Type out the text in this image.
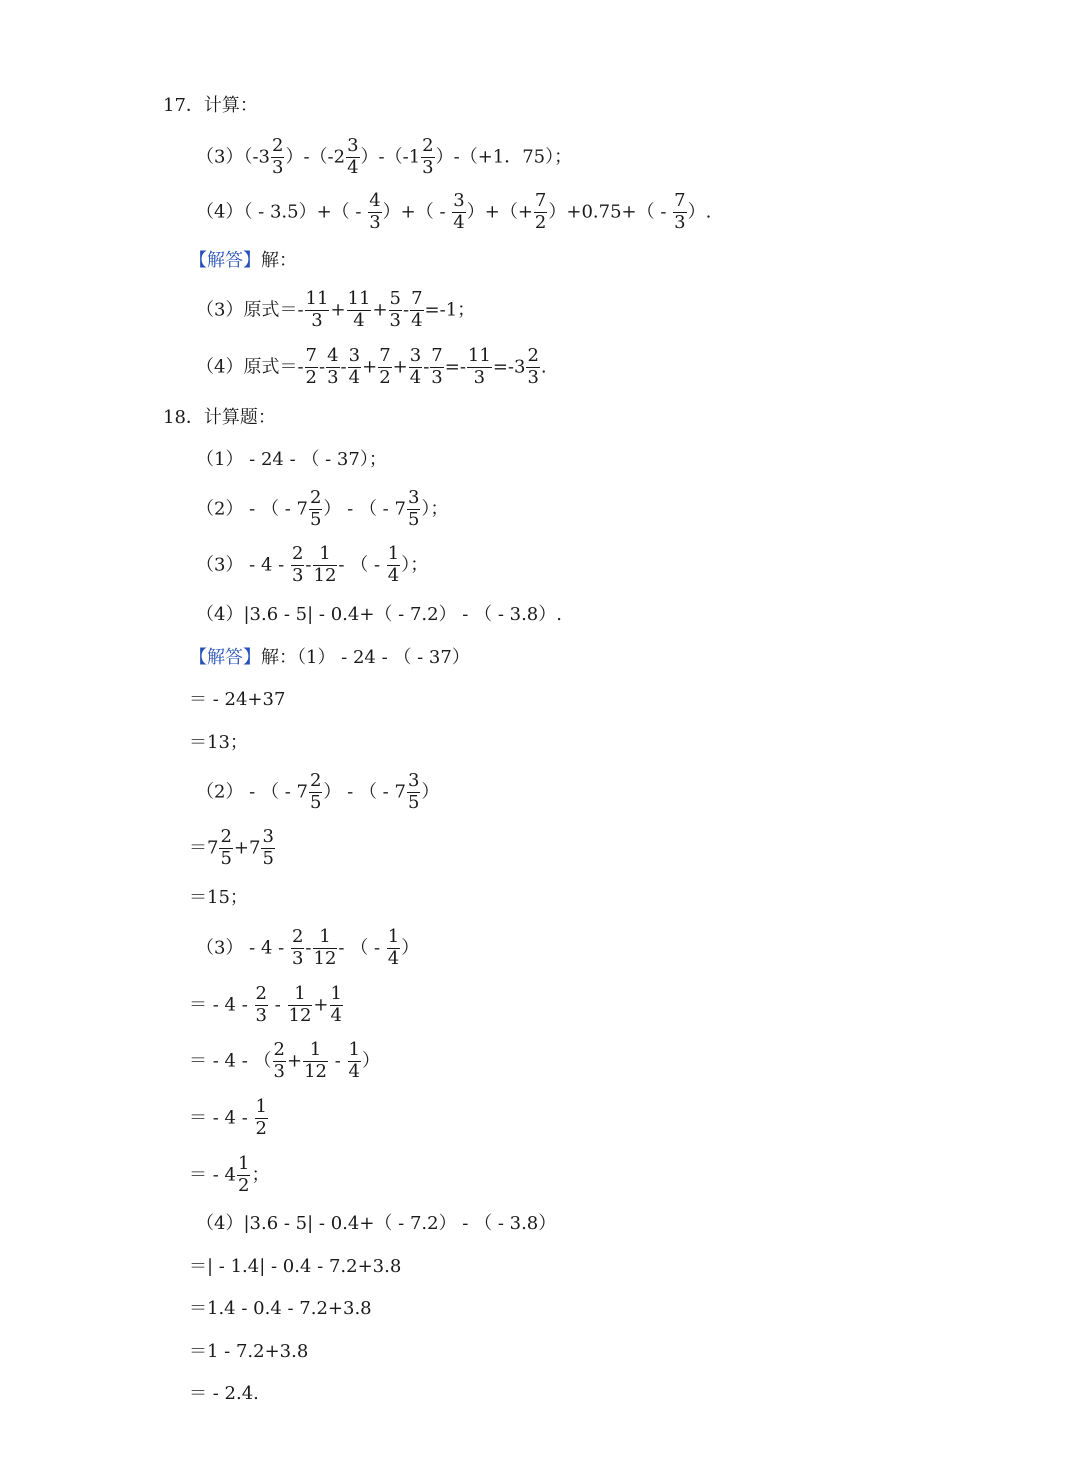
17．计算：
$(3)(-3 \frac{2}{3} )-(-2 \frac{3}{4} )-(-1 \frac{2}{3} )-(+1$．75）；
$(4)( - 3.5)+( - \frac{4}{3}$ ）+（ - $\frac{3}{4}$ ）+（+ $\frac{7}{2} )+0.75+( - \frac{7}{3}$ ）.
【解答】解：
（3）原式＝- $\frac{11}{3} + \frac{11}{4} + \frac{5}{3} - \frac{7}{4} =-1$；
（4）原式＝- $\frac{7}{2} - \frac{4}{3} - \frac{3}{4} + \frac{7}{2} + \frac{3}{4} - \frac{7}{3} =- \frac{11}{3} =-3 \frac{2}{3}$ .
18．计算题：
（1） - 24 - （ - 37）；
（2） - （ - $7 \frac{2}{5}$ ） - （ - $7 \frac{3}{5}$ ）；
$(3) - 4 - \frac{2}{3} - \frac{1}{12}$ - （ - $\frac{1}{4}$ ）；
（4）|3.6 - 5| - 0.4+（ - 7.2） - （ - 3.8）.
【解答】解：（1） - 24 - （ - 37）
＝ - 24+37
＝13；
（2） - （ - $7 \frac{2}{5}$ ） - （ - $7 \frac{3}{5}$ ）
$=7 \frac{2}{5} +7 \frac{3}{5}$
＝15；
$(3) - 4 - \frac{2}{3} - \frac{1}{12}$ - （ - $\frac{1}{4}$ ）
＝ - $4 - \frac{2}{3} - \frac{1}{12} + \frac{1}{4}$
＝ - 4 - （ $\frac{2}{3} + \frac{1}{12} - \frac{1}{4}$ ）
＝ - $4 - \frac{1}{2}$
＝ - $4 \frac{1}{2}$ ；
（4）|3.6 - 5| - 0.4+（ - 7.2） - （ - 3.8）
＝| - 1.4| - 0.4 - 7.2+3.8
＝1.4 - 0.4 - 7.2+3.8
＝1 - 7.2+3.8
＝ - 2.4.
